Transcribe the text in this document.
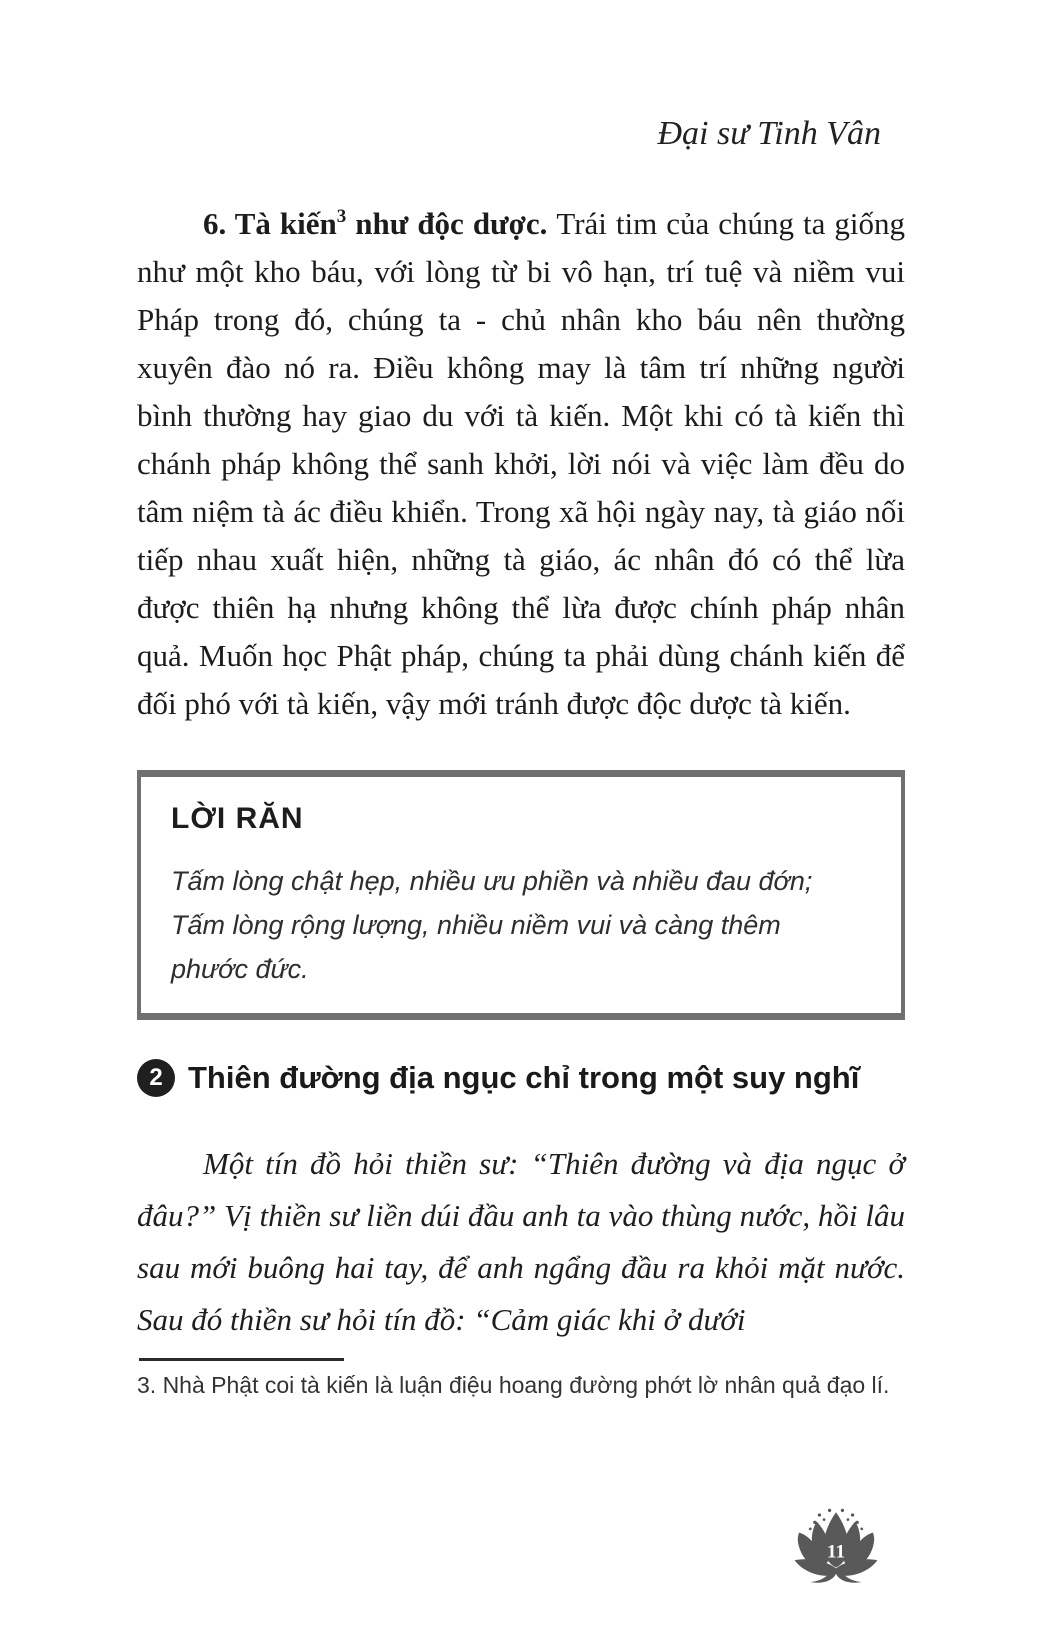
Đại sư Tinh Vân

6. Tà kiến$^3$ như độc dược. Trái tim của chúng ta giống như một kho báu, với lòng từ bi vô hạn, trí tuệ và niềm vui Pháp trong đó, chúng ta - chủ nhân kho báu nên thường xuyên đào nó ra. Điều không may là tâm trí những người bình thường hay giao du với tà kiến. Một khi có tà kiến thì chánh pháp không thể sanh khởi, lời nói và việc làm đều do tâm niệm tà ác điều khiển. Trong xã hội ngày nay, tà giáo nối tiếp nhau xuất hiện, những tà giáo, ác nhân đó có thể lừa được thiên hạ nhưng không thể lừa được chính pháp nhân quả. Muốn học Phật pháp, chúng ta phải dùng chánh kiến để đối phó với tà kiến, vậy mới tránh được độc dược tà kiến.

LỜI RĂN
Tấm lòng chật hẹp, nhiều ưu phiền và nhiều đau đớn;
Tấm lòng rộng lượng, nhiều niềm vui và càng thêm
phước đức.
2 Thiên đường địa ngục chỉ trong một suy nghĩ

Một tín đồ hỏi thiền sư: “Thiên đường và địa ngục ở đâu?” Vị thiền sư liền dúi đầu anh ta vào thùng nước, hồi lâu sau mới buông hai tay, để anh ngẩng đầu ra khỏi mặt nước. Sau đó thiền sư hỏi tín đồ: “Cảm giác khi ở dưới

3. Nhà Phật coi tà kiến là luận điệu hoang đường phớt lờ nhân quả đạo lí.
11
